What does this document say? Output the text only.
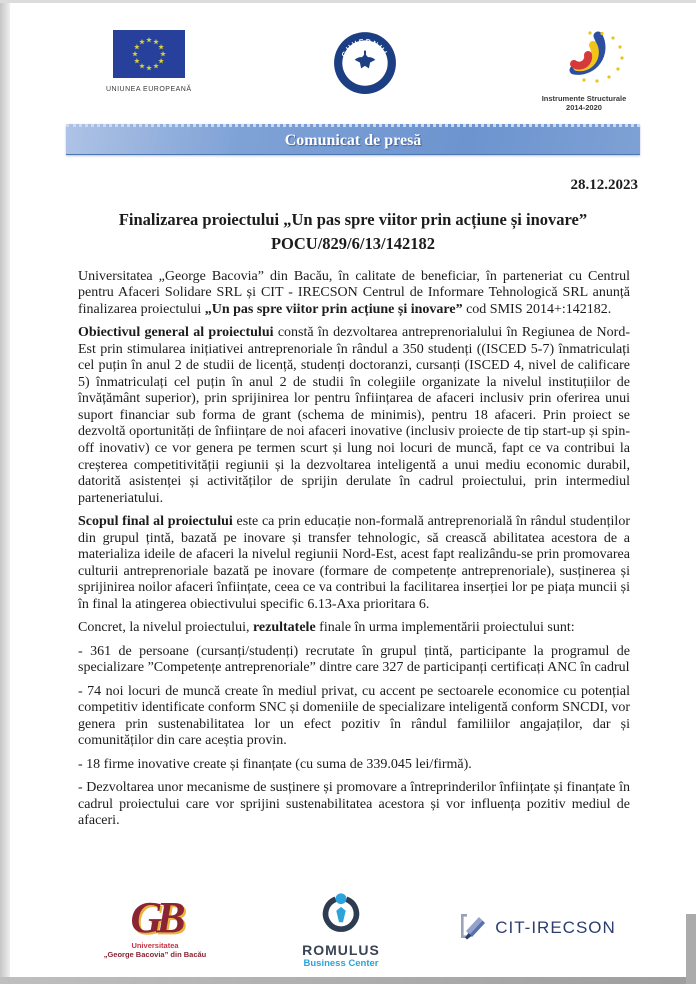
UNIUNEA EUROPEANĂ
GUVERNUL
ROMÂNIEI
Instrumente Structurale
2014-2020
Comunicat de presă
28.12.2023
Finalizarea proiectului „Un pas spre viitor prin acțiune și inovare”
POCU/829/6/13/142182

Universitatea „George Bacovia” din Bacău, în calitate de beneficiar, în parteneriat cu Centrul pentru Afaceri Solidare SRL și CIT - IRECSON Centrul de Informare Tehnologică SRL anunță finalizarea proiectului „Un pas spre viitor prin acțiune și inovare” cod SMIS 2014+:142182.

Obiectivul general al proiectului constă în dezvoltarea antreprenorialului în Regiunea de Nord-Est prin stimularea inițiativei antreprenoriale în rândul a 350 studenți ((ISCED 5-7) înmatriculați cel puțin în anul 2 de studii de licență, studenți doctoranzi, cursanți (ISCED 4, nivel de calificare 5) înmatriculați cel puțin în anul 2 de studii în colegiile organizate la nivelul instituțiilor de învățământ superior), prin sprijinirea lor pentru înființarea de afaceri inclusiv prin oferirea unui suport financiar sub forma de grant (schema de minimis), pentru 18 afaceri. Prin proiect se dezvoltă oportunități de înființare de noi afaceri inovative (inclusiv proiecte de tip start-up și spin-off inovativ) ce vor genera pe termen scurt și lung noi locuri de muncă, fapt ce va contribui la creșterea competitivității regiunii și la dezvoltarea inteligentă a unui mediu economic durabil, datorită asistenței și activităților de sprijin derulate în cadrul proiectului, prin intermediul parteneriatului.

Scopul final al proiectului este ca prin educație non-formală antreprenorială în rândul studenților din grupul țintă, bazată pe inovare și transfer tehnologic, să crească abilitatea acestora de a materializa ideile de afaceri la nivelul regiunii Nord-Est, acest fapt realizându-se prin promovarea culturii antreprenoriale bazată pe inovare (formare de competențe antreprenoriale), susținerea și sprijinirea noilor afaceri înființate, ceea ce va contribui la facilitarea inserției lor pe piața muncii și în final la atingerea obiectivului specific 6.13-Axa prioritara 6.

Concret, la nivelul proiectului, rezultatele finale în urma implementării proiectului sunt:

- 361 de persoane (cursanți/studenți) recrutate în grupul țintă, participante la programul de specializare ”Competențe antreprenoriale” dintre care 327 de participanți certificați ANC în cadrul

- 74 noi locuri de muncă create în mediul privat, cu accent pe sectoarele economice cu potențial competitiv identificate conform SNC și domeniile de specializare inteligentă conform SNCDI, vor genera prin sustenabilitatea lor un efect pozitiv în rândul familiilor angajaților, dar și comunităților din care aceștia provin.

- 18 firme inovative create și finanțate (cu suma de 339.045 lei/firmă).

- Dezvoltarea unor mecanisme de susținere și promovare a întreprinderilor înființate și finanțate în cadrul proiectului care vor sprijini sustenabilitatea acestora și vor influența pozitiv mediul de afaceri.

GB
Universitatea
„George Bacovia” din Bacău	ROMULUS
Business Center
CIT-IRECSON
